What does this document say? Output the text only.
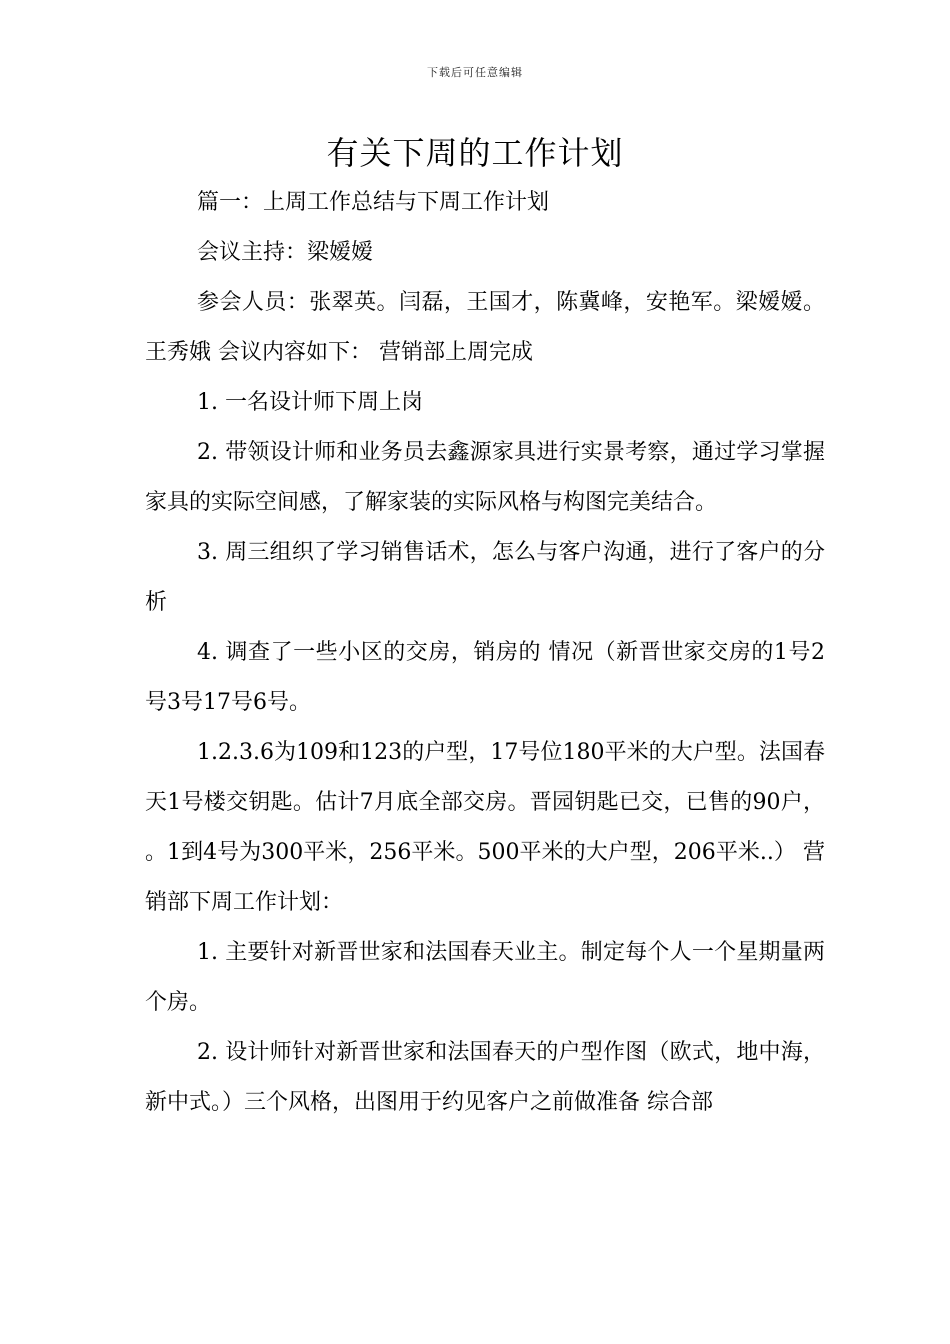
下载后可任意编辑
有关下周的工作计划

篇一：上周工作总结与下周工作计划

会议主持：梁嫒嫒

参会人员：张翠英。闫磊，王国才，陈冀峰，安艳军。梁嫒嫒。王秀娥 会议内容如下： 营销部上周完成

1. 一名设计师下周上岗

2. 带领设计师和业务员去鑫源家具进行实景考察，通过学习掌握家具的实际空间感，了解家装的实际风格与构图完美结合。

3. 周三组织了学习销售话术，怎么与客户沟通，进行了客户的分析

4. 调查了一些小区的交房，销房的 情况（新晋世家交房的1号2号3号17号6号。

1.2.3.6为109和123的户型，17号位180平米的大户型。法国春天1号楼交钥匙。估计7月底全部交房。晋园钥匙已交，已售的90户， 。1到4号为300平米，256平米。500平米的大户型，206平米..） 营销部下周工作计划：

1. 主要针对新晋世家和法国春天业主。制定每个人一个星期量两个房。

2. 设计师针对新晋世家和法国春天的户型作图（欧式，地中海，新中式。）三个风格，出图用于约见客户之前做准备 综合部
